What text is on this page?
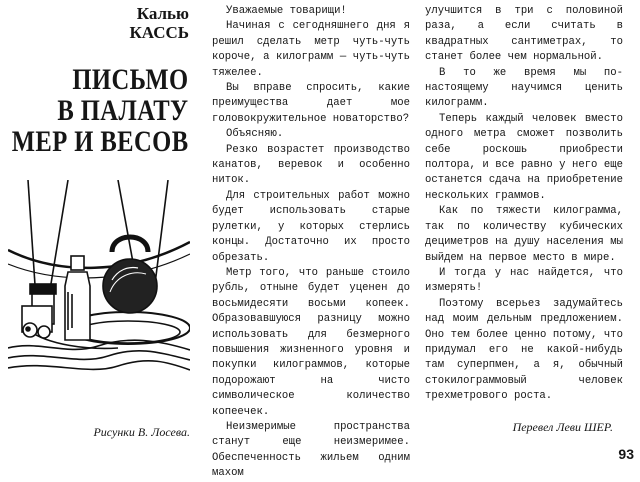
Калью
КАССЬ
ПИСЬМО
В ПАЛАТУ
МЕР И ВЕСОВ
Рисунки В. Лосева.

Уважаемые товарищи!

Начиная с сегодняшнего дня я решил сделать метр чуть-чуть короче, а килограмм — чуть-чуть тяжелее.

Вы вправе спросить, какие преимущества дает мое головокружительное новаторство?

Объясняю.

Резко возрастет производство канатов, веревок и особенно ниток.

Для строительных работ можно будет использовать старые рулетки, у которых стерлись концы. Достаточно их просто обрезать.

Метр того, что раньше стоило рубль, отныне будет уценен до восьмидесяти восьми копеек. Образовавшуюся разницу можно использовать для безмерного повышения жизненного уровня и покупки килограммов, которые подорожают на чисто символическое количество копеечек.

Неизмеримые пространства станут еще неизмеримее. Обеспеченность жильем одним махом

улучшится в три с половиной раза, а если считать в квадратных сантиметрах, то станет более чем нормальной.

В то же время мы по-настоящему научимся ценить килограмм.

Теперь каждый человек вместо одного метра сможет позволить себе роскошь приобрести полтора, и все равно у него еще останется сдача на приобретение нескольких граммов.

Как по тяжести килограмма, так по количеству кубических дециметров на душу населения мы выйдем на первое место в мире.

И тогда у нас найдется, что измерять!

Поэтому всерьез задумайтесь над моим дельным предложением. Оно тем более ценно потому, что придумал его не какой-нибудь там суперпмен, а я, обычный стокилограммовый человек трехметрового роста.

Перевел Леви ШЕР.
93
